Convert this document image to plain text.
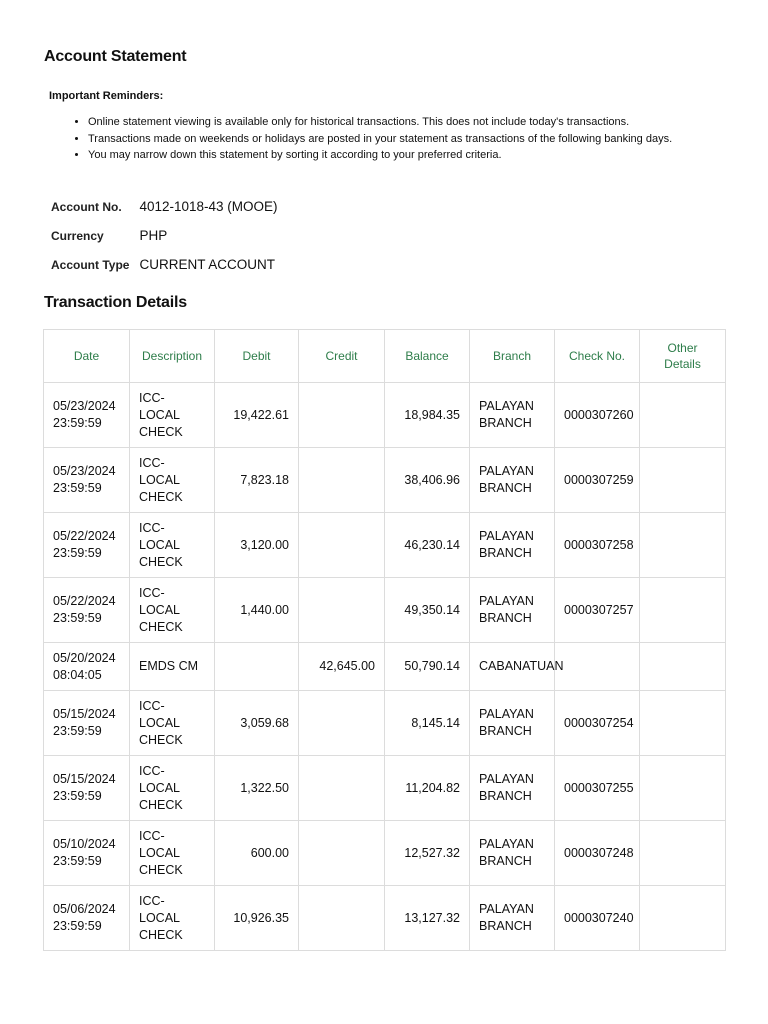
Account Statement

Important Reminders:

• Online statement viewing is available only for historical transactions. This does not include today's transactions.
• Transactions made on weekends or holidays are posted in your statement as transactions of the following banking days.
• You may narrow down this statement by sorting it according to your preferred criteria.
Account No.	4012-1018-43 (MOOE)
Currency	PHP
Account Type	CURRENT ACCOUNT
Transaction Details
Date	Description	Debit	Credit	Balance	Branch	Check No.	Other
Details

05/23/2024
23:59:59	ICC-
LOCAL
CHECK	19,422.61		18,984.35	PALAYAN
BRANCH	0000307260	

05/23/2024
23:59:59	ICC-
LOCAL
CHECK	7,823.18		38,406.96	PALAYAN
BRANCH	0000307259	

05/22/2024
23:59:59	ICC-
LOCAL
CHECK	3,120.00		46,230.14	PALAYAN
BRANCH	0000307258	

05/22/2024
23:59:59	ICC-
LOCAL
CHECK	1,440.00		49,350.14	PALAYAN
BRANCH	0000307257	

05/20/2024
08:04:05	EMDS CM		42,645.00	50,790.14	CABANATUAN		

05/15/2024
23:59:59	ICC-
LOCAL
CHECK	3,059.68		8,145.14	PALAYAN
BRANCH	0000307254	

05/15/2024
23:59:59	ICC-
LOCAL
CHECK	1,322.50		11,204.82	PALAYAN
BRANCH	0000307255	

05/10/2024
23:59:59	ICC-
LOCAL
CHECK	600.00		12,527.32	PALAYAN
BRANCH	0000307248	

05/06/2024
23:59:59	ICC-
LOCAL
CHECK	10,926.35		13,127.32	PALAYAN
BRANCH	0000307240	
